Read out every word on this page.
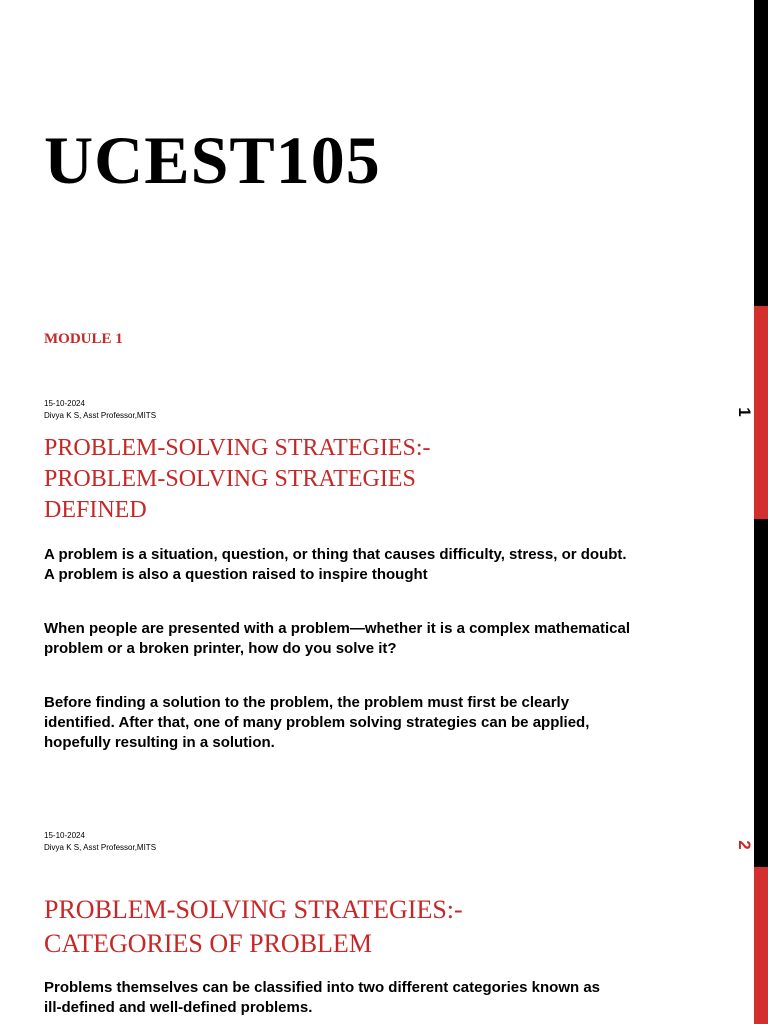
UCEST105

MODULE 1

15-10-2024
Divya K S, Asst Professor,MITS	1
PROBLEM-SOLVING STRATEGIES:-
PROBLEM-SOLVING STRATEGIES
DEFINED
A problem is a situation, question, or thing that causes difficulty, stress, or doubt.
A problem is also a question raised to inspire thought
When people are presented with a problem—whether it is a complex mathematical
problem or a broken printer, how do you solve it?
Before finding a solution to the problem, the problem must first be clearly
identified. After that, one of many problem solving strategies can be applied,
hopefully resulting in a solution.
15-10-2024
Divya K S, Asst Professor,MITS	2
PROBLEM-SOLVING STRATEGIES:-
CATEGORIES OF PROBLEM
Problems themselves can be classified into two different categories known as
ill-defined and well-defined problems.
